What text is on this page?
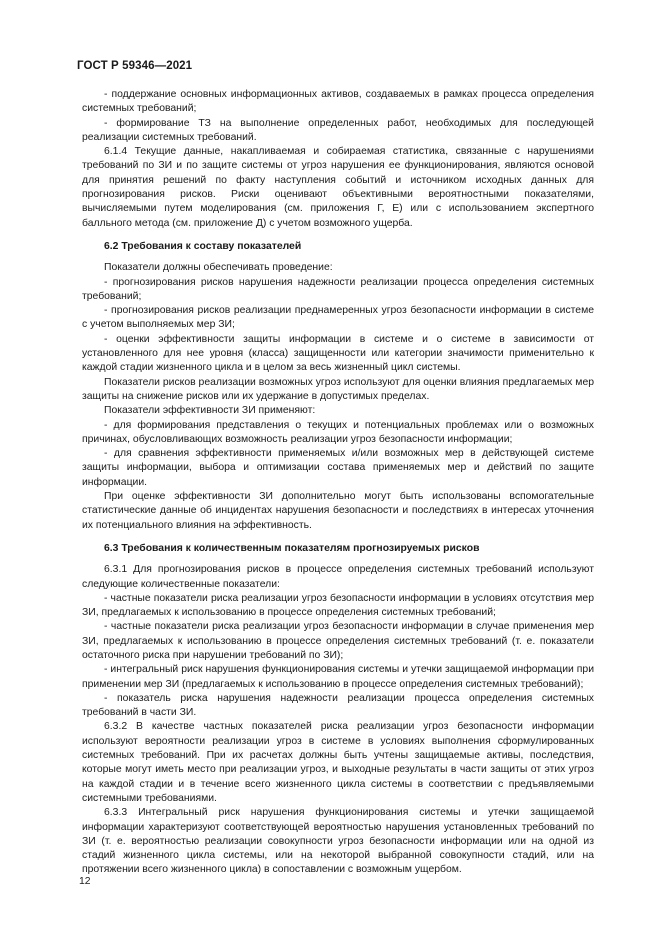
ГОСТ Р 59346—2021

- поддержание основных информационных активов, создаваемых в рамках процесса определения системных требований;

- формирование ТЗ на выполнение определенных работ, необходимых для последующей реализации системных требований.

6.1.4 Текущие данные, накапливаемая и собираемая статистика, связанные с нарушениями требований по ЗИ и по защите системы от угроз нарушения ее функционирования, являются основой для принятия решений по факту наступления событий и источником исходных данных для прогнозирования рисков. Риски оценивают объективными вероятностными показателями, вычисляемыми путем моделирования (см. приложения Г, Е) или с использованием экспертного балльного метода (см. приложение Д) с учетом возможного ущерба.

6.2 Требования к составу показателей

Показатели должны обеспечивать проведение:

- прогнозирования рисков нарушения надежности реализации процесса определения системных требований;

- прогнозирования рисков реализации преднамеренных угроз безопасности информации в системе с учетом выполняемых мер ЗИ;

- оценки эффективности защиты информации в системе и о системе в зависимости от установленного для нее уровня (класса) защищенности или категории значимости применительно к каждой стадии жизненного цикла и в целом за весь жизненный цикл системы.

Показатели рисков реализации возможных угроз используют для оценки влияния предлагаемых мер защиты на снижение рисков или их удержание в допустимых пределах.

Показатели эффективности ЗИ применяют:

- для формирования представления о текущих и потенциальных проблемах или о возможных причинах, обусловливающих возможность реализации угроз безопасности информации;

- для сравнения эффективности применяемых и/или возможных мер в действующей системе защиты информации, выбора и оптимизации состава применяемых мер и действий по защите информации.

При оценке эффективности ЗИ дополнительно могут быть использованы вспомогательные статистические данные об инцидентах нарушения безопасности и последствиях в интересах уточнения их потенциального влияния на эффективность.

6.3 Требования к количественным показателям прогнозируемых рисков

6.3.1 Для прогнозирования рисков в процессе определения системных требований используют следующие количественные показатели:

- частные показатели риска реализации угроз безопасности информации в условиях отсутствия мер ЗИ, предлагаемых к использованию в процессе определения системных требований;

- частные показатели риска реализации угроз безопасности информации в случае применения мер ЗИ, предлагаемых к использованию в процессе определения системных требований (т. е. показатели остаточного риска при нарушении требований по ЗИ);

- интегральный риск нарушения функционирования системы и утечки защищаемой информации при применении мер ЗИ (предлагаемых к использованию в процессе определения системных требований);

- показатель риска нарушения надежности реализации процесса определения системных требований в части ЗИ.

6.3.2 В качестве частных показателей риска реализации угроз безопасности информации используют вероятности реализации угроз в системе в условиях выполнения сформулированных системных требований. При их расчетах должны быть учтены защищаемые активы, последствия, которые могут иметь место при реализации угроз, и выходные результаты в части защиты от этих угроз на каждой стадии и в течение всего жизненного цикла системы в соответствии с предъявляемыми системными требованиями.

6.3.3 Интегральный риск нарушения функционирования системы и утечки защищаемой информации характеризуют соответствующей вероятностью нарушения установленных требований по ЗИ (т. е. вероятностью реализации совокупности угроз безопасности информации или на одной из стадий жизненного цикла системы, или на некоторой выбранной совокупности стадий, или на протяжении всего жизненного цикла) в сопоставлении с возможным ущербом.

12
